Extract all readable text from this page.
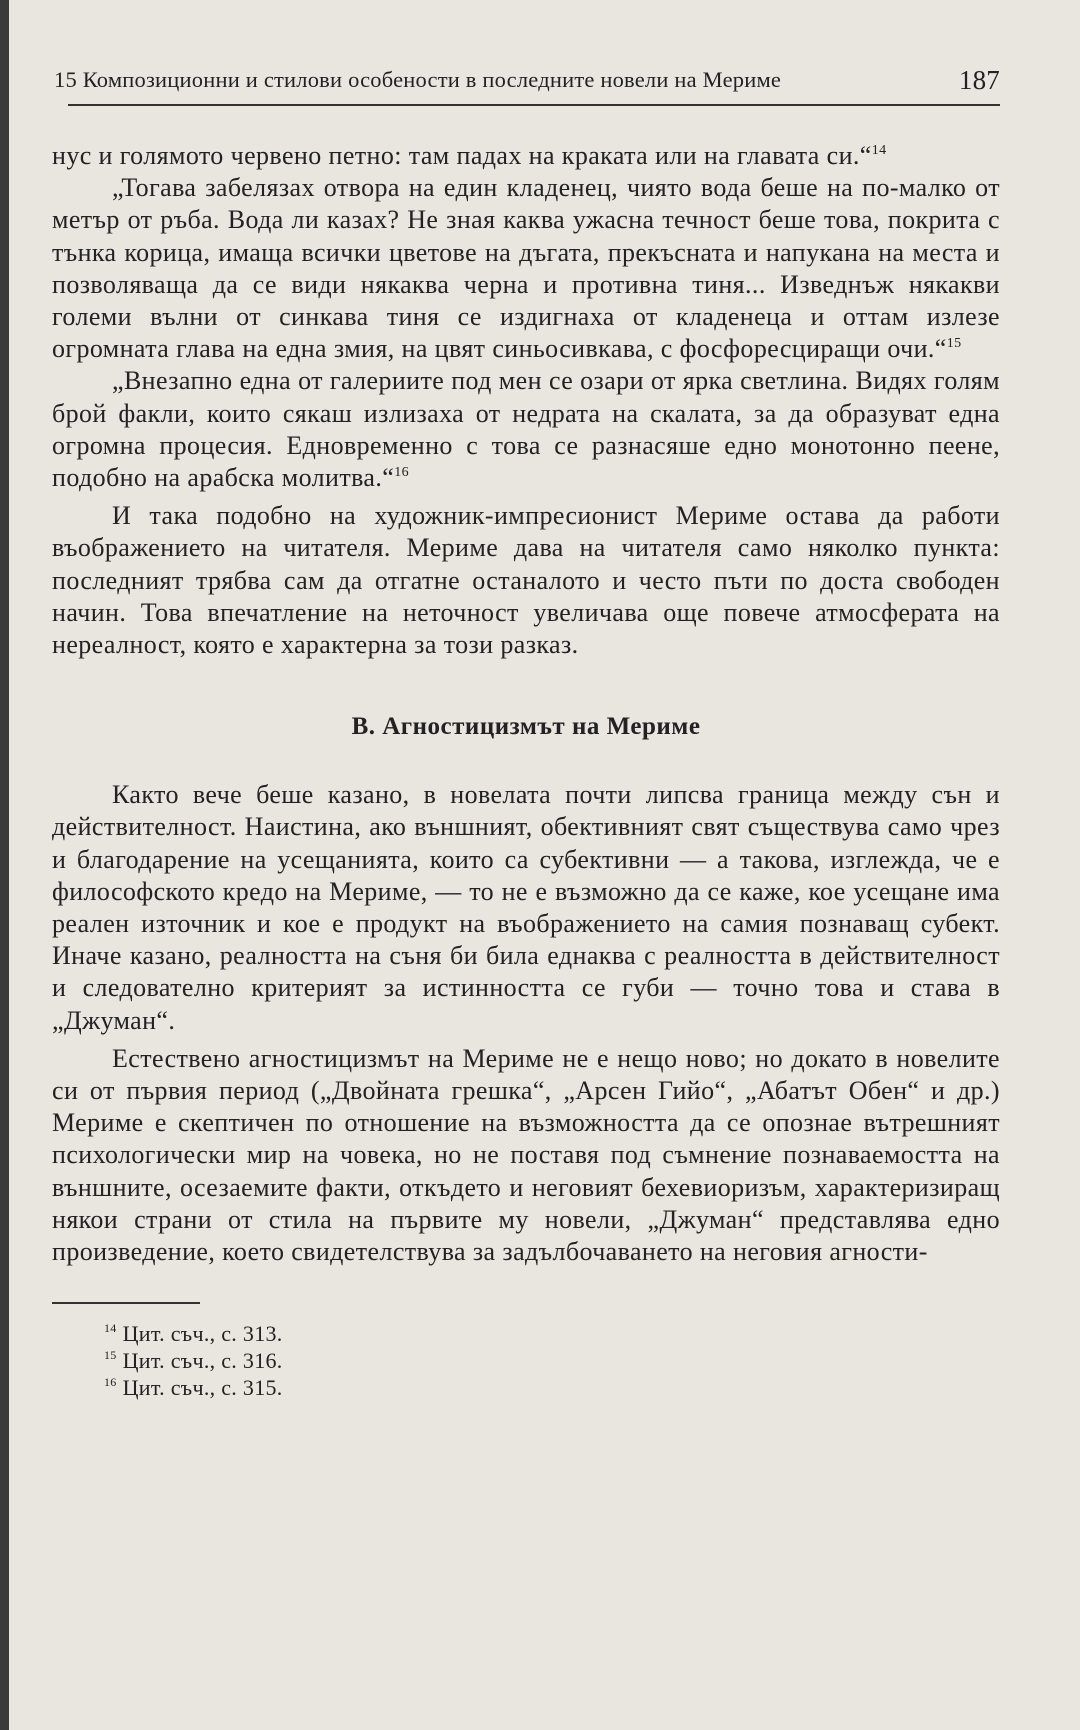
15 Композиционни и стилови особености в последните новели на Мериме	187

нус и голямото червено петно: там падах на краката или на главата си.“$^{14}$

„Тогава забелязах отвора на един кладенец, чиято вода беше на по-малко от метър от ръба. Вода ли казах? Не зная каква ужасна течност беше това, покрита с тънка корица, имаща всички цветове на дъгата, прекъсната и напукана на места и позволяваща да се види някаква черна и противна тиня... Изведнъж някакви големи вълни от синкава тиня се издигнаха от кладенеца и оттам излезе огромната глава на една змия, на цвят синьосивкава, с фосфоресциращи очи.“$^{15}$

„Внезапно една от галериите под мен се озари от ярка светлина. Видях голям брой факли, които сякаш излизаха от недрата на скалата, за да образуват една огромна процесия. Едновременно с това се разнасяше едно монотонно пеене, подобно на арабска молитва.“$^{16}$

И така подобно на художник-импресионист Мериме остава да работи въображението на читателя. Мериме дава на читателя само няколко пункта: последният трябва сам да отгатне останалото и често пъти по доста свободен начин. Това впечатление на неточност увеличава още повече атмосферата на нереалност, която е характерна за този разказ.

В. Агностицизмът на Мериме

Както вече беше казано, в новелата почти липсва граница между сън и действителност. Наистина, ако външният, обективният свят съществува само чрез и благодарение на усещанията, които са субективни — а такова, изглежда, че е философското кредо на Мериме, — то не е възможно да се каже, кое усещане има реален източник и кое е продукт на въображението на самия познаващ субект. Иначе казано, реалността на съня би била еднаква с реалността в действителност и следователно критерият за истинността се губи — точно това и става в „Джуман“.

Естествено агностицизмът на Мериме не е нещо ново; но докато в новелите си от първия период („Двойната грешка“, „Арсен Гийо“, „Абатът Обен“ и др.) Мериме е скептичен по отношение на възможността да се опознае вътрешният психологически мир на човека, но не поставя под съмнение познаваемостта на външните, осезаемите факти, откъдето и неговият бехевиоризъм, характеризиращ някои страни от стила на първите му новели, „Джуман“ представлява едно произведение, което свидетелствува за задълбочаването на неговия агности-

$^{14}$ Цит. съч., с. 313.
$^{15}$ Цит. съч., с. 316.
$^{16}$ Цит. съч., с. 315.
